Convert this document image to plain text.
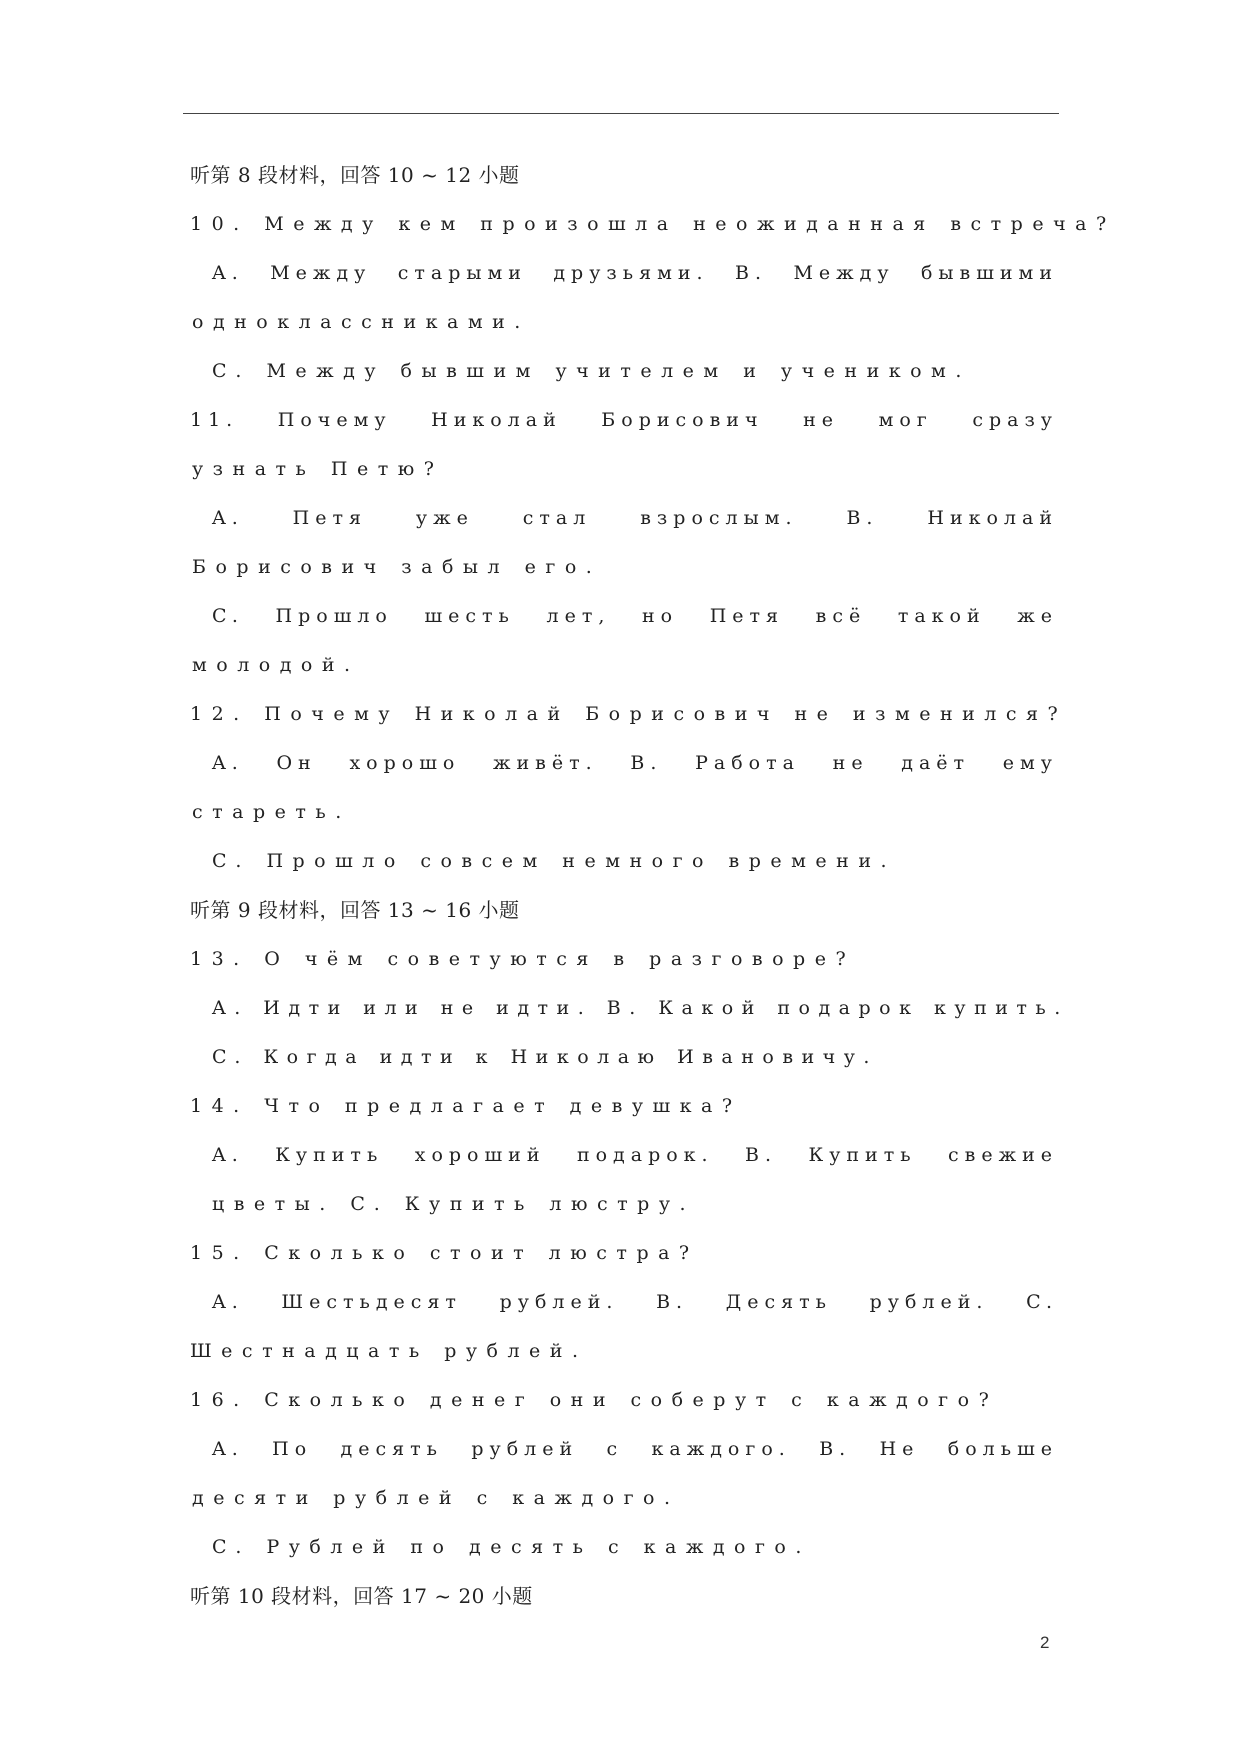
听第 8 段材料，回答 10 ~ 12 小题
10. Между кем произошла неожиданная встреча?
A. Между старыми друзьями. B. Между бывшими
одноклассниками.
C. Между бывшим учителем и учеником.
11. Почему Николай Борисович не мог сразу
узнать Петю?
A. Петя уже стал взрослым. B. Николай
Борисович забыл его.
C. Прошло шесть лет, но Петя всё такой же
молодой.
12. Почему Николай Борисович не изменился?
A. Он хорошо живёт. B. Работа не даёт ему
стареть.
C. Прошло совсем немного времени.
听第 9 段材料，回答 13 ~ 16 小题
13. О чём советуются в разговоре?
A. Идти или не идти. B. Какой подарок купить.
C. Когда идти к Николаю Ивановичу.
14. Что предлагает девушка?
A. Купить хороший подарок. B. Купить свежие
цветы. C. Купить люстру.
15. Сколько стоит люстра?
A. Шестьдесят рублей. B. Десять рублей. C.
Шестнадцать рублей.
16. Сколько денег они соберут с каждого?
A. По десять рублей с каждого. B. Не больше
десяти рублей с каждого.
C. Рублей по десять с каждого.
听第 10 段材料，回答 17 ~ 20 小题
2
